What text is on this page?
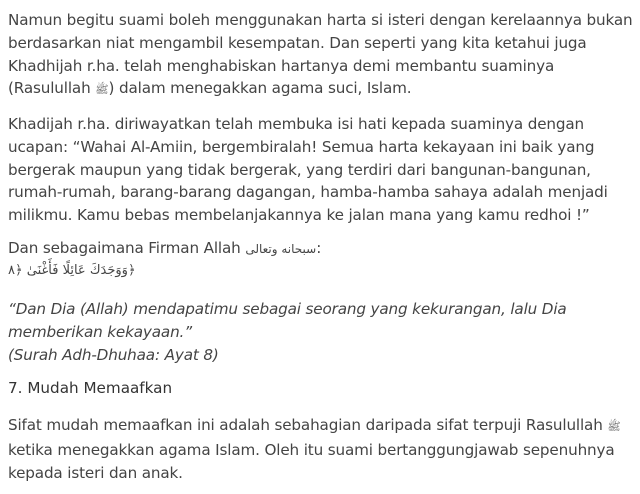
Namun begitu suami boleh menggunakan harta si isteri dengan kerelaannya bukan berdasarkan niat mengambil kesempatan. Dan seperti yang kita ketahui juga Khadhijah r.ha. telah menghabiskan hartanya demi membantu suaminya (Rasulullah ﷺ) dalam menegakkan agama suci, Islam.

Khadijah r.ha. diriwayatkan telah membuka isi hati kepada suaminya dengan ucapan: “Wahai Al-Amiin, bergembiralah! Semua harta kekayaan ini baik yang bergerak maupun yang tidak bergerak, yang terdiri dari bangunan-bangunan, rumah-rumah, barang-barang dagangan, hamba-hamba sahaya adalah menjadi milikmu. Kamu bebas membelanjakannya ke jalan mana yang kamu redhoi !”

Dan sebagaimana Firman Allah سبحانه وتعالى:

﴿وَوَجَدَكَ عَائِلًا فَأَغْنَىٰ ﴿٨

“Dan Dia (Allah) mendapatimu sebagai seorang yang kekurangan, lalu Dia memberikan kekayaan.”
(Surah Adh-Dhuhaa: Ayat 8)

7. Mudah Memaafkan

Sifat mudah memaafkan ini adalah sebahagian daripada sifat terpuji Rasulullah ﷺ ketika menegakkan agama Islam. Oleh itu suami bertanggungjawab sepenuhnya kepada isteri dan anak.
